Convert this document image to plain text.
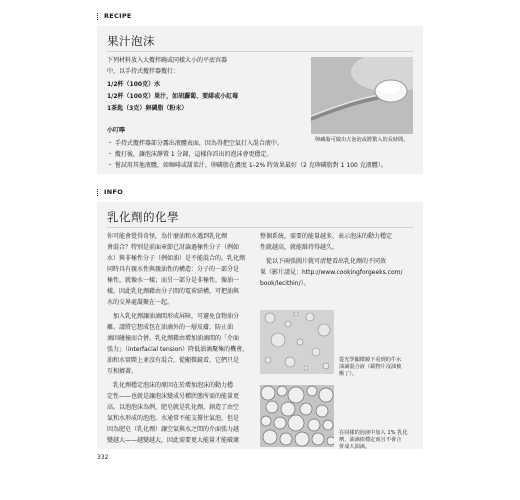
RECIPE
果汁泡沫
下列材料放入大攪拌碗或同樣大小的平底容器
中，以手持式攪拌器攪打：
1/2杯（100克）水
1/2杯（100克）果汁，如胡蘿蔔、要緋或小紅莓
1茶匙（3克）卵磷脂（粉末）
卵磷脂可做出大泡泡或將驚入的長時間。
小叮嚀
・ 手持式攪拌器部分露出液體表面，因為得把空氣打入混合液中。
・ 攪打後，讓泡沫靜置 1 分鐘，這樣你舀出的泡沫會更穩定。
・ 嘗試用其他液體，如咖啡或甜菜汁。卵磷脂在濃度 1–2% 時效果最好（2 克卵磷脂對 1 100 克液體）。
INFO
乳化劑的化學
你可能會覺得奇怪，為什麼油和水遇到乳化劑
會混合？特別是前面章節已討論過極性分子（例如
水）與非極性分子（例如油）是不能混合的。乳化劑
同時具有親水性與親油性的構造：分子的一部分是
極性，就像水一樣；而另一部分是非極性，像油一
樣。因此乳化劑藉由分子間的電荷結構，可把油與
水的交界處凝聚在一起。
加入乳化劑讓油滴間形成屏障，可避免食物油分
離。請將它想成包在油滴外的一層皮膚，防止油
滴因碰撞而合併。乳化劑藉由增加油滴間的「介面
張力」（interfacial tension）降低油滴聚集的機會。
油和水實際上並沒有混合，從顯微鏡看，它們只是
互相擠著。
乳化劑穩定泡沫的原因在於增加泡沫的動力穩
定性——也就是讓泡沫變成另種狀態所需的能量更
高。以泡泡沫為例，肥皂就是乳化劑，創造了由空
氣和水形成的泡泡。水通常不能支撐住氣泡，但是
因為肥皂（乳化劑）讓空氣與水之間的介面張力越
變越大——越變越大，因此需要更大能量才能破壞
整個系統，需要的能量越多，表示泡沫的動力穩定
性就越高，就能維持得越久。
從以下兩張圖片就可清楚看出乳化劑的不同效
果（影片請見：http://www.cookingforgeeks.com/
book/lecithin/）。
從光學顯微鏡下看到的牛水
油滴混合液（載物片沒油被
壓了）。
在同樣的泡液中加入 1% 乳化
劑，油滴依穩定而且不會合
併成大油滴。
332
